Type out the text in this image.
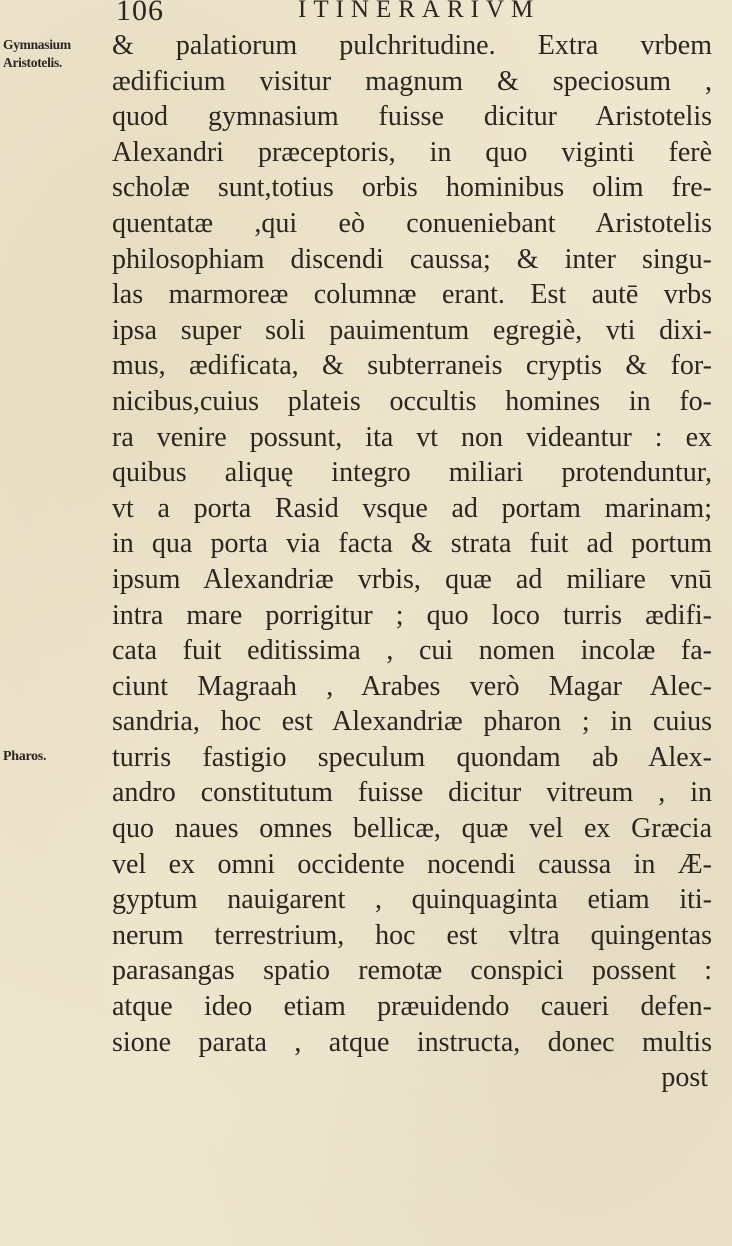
106	ITINERARIVM
Gymnasium Aristotelis.
Pharos.
& palatiorum pulchritudine. Extra vrbem
ædificium visitur magnum & speciosum ,
quod gymnasium fuisse dicitur Aristotelis
Alexandri præceptoris, in quo viginti ferè
scholæ sunt,totius orbis hominibus olim fre-
quentatæ ,qui eò conueniebant Aristotelis
philosophiam discendi caussa; & inter singu-
las marmoreæ columnæ erant. Est autē vrbs
ipsa super soli pauimentum egregiè, vti dixi-
mus, ædificata, & subterraneis cryptis & for-
nicibus,cuius plateis occultis homines in fo-
ra venire possunt, ita vt non videantur : ex
quibus aliquę integro miliari protenduntur,
vt a porta Rasid vsque ad portam marinam;
in qua porta via facta & strata fuit ad portum
ipsum Alexandriæ vrbis, quæ ad miliare vnū
intra mare porrigitur ; quo loco turris ædifi-
cata fuit editissima , cui nomen incolæ fa-
ciunt Magraah , Arabes verò Magar Alec-
sandria, hoc est Alexandriæ pharon ; in cuius
turris fastigio speculum quondam ab Alex-
andro constitutum fuisse dicitur vitreum , in
quo naues omnes bellicæ, quæ vel ex Græcia
vel ex omni occidente nocendi caussa in Æ-
gyptum nauigarent , quinquaginta etiam iti-
nerum terrestrium, hoc est vltra quingentas
parasangas spatio remotæ conspici possent :
atque ideo etiam præuidendo caueri defen-
sione parata , atque instructa, donec multis
post
